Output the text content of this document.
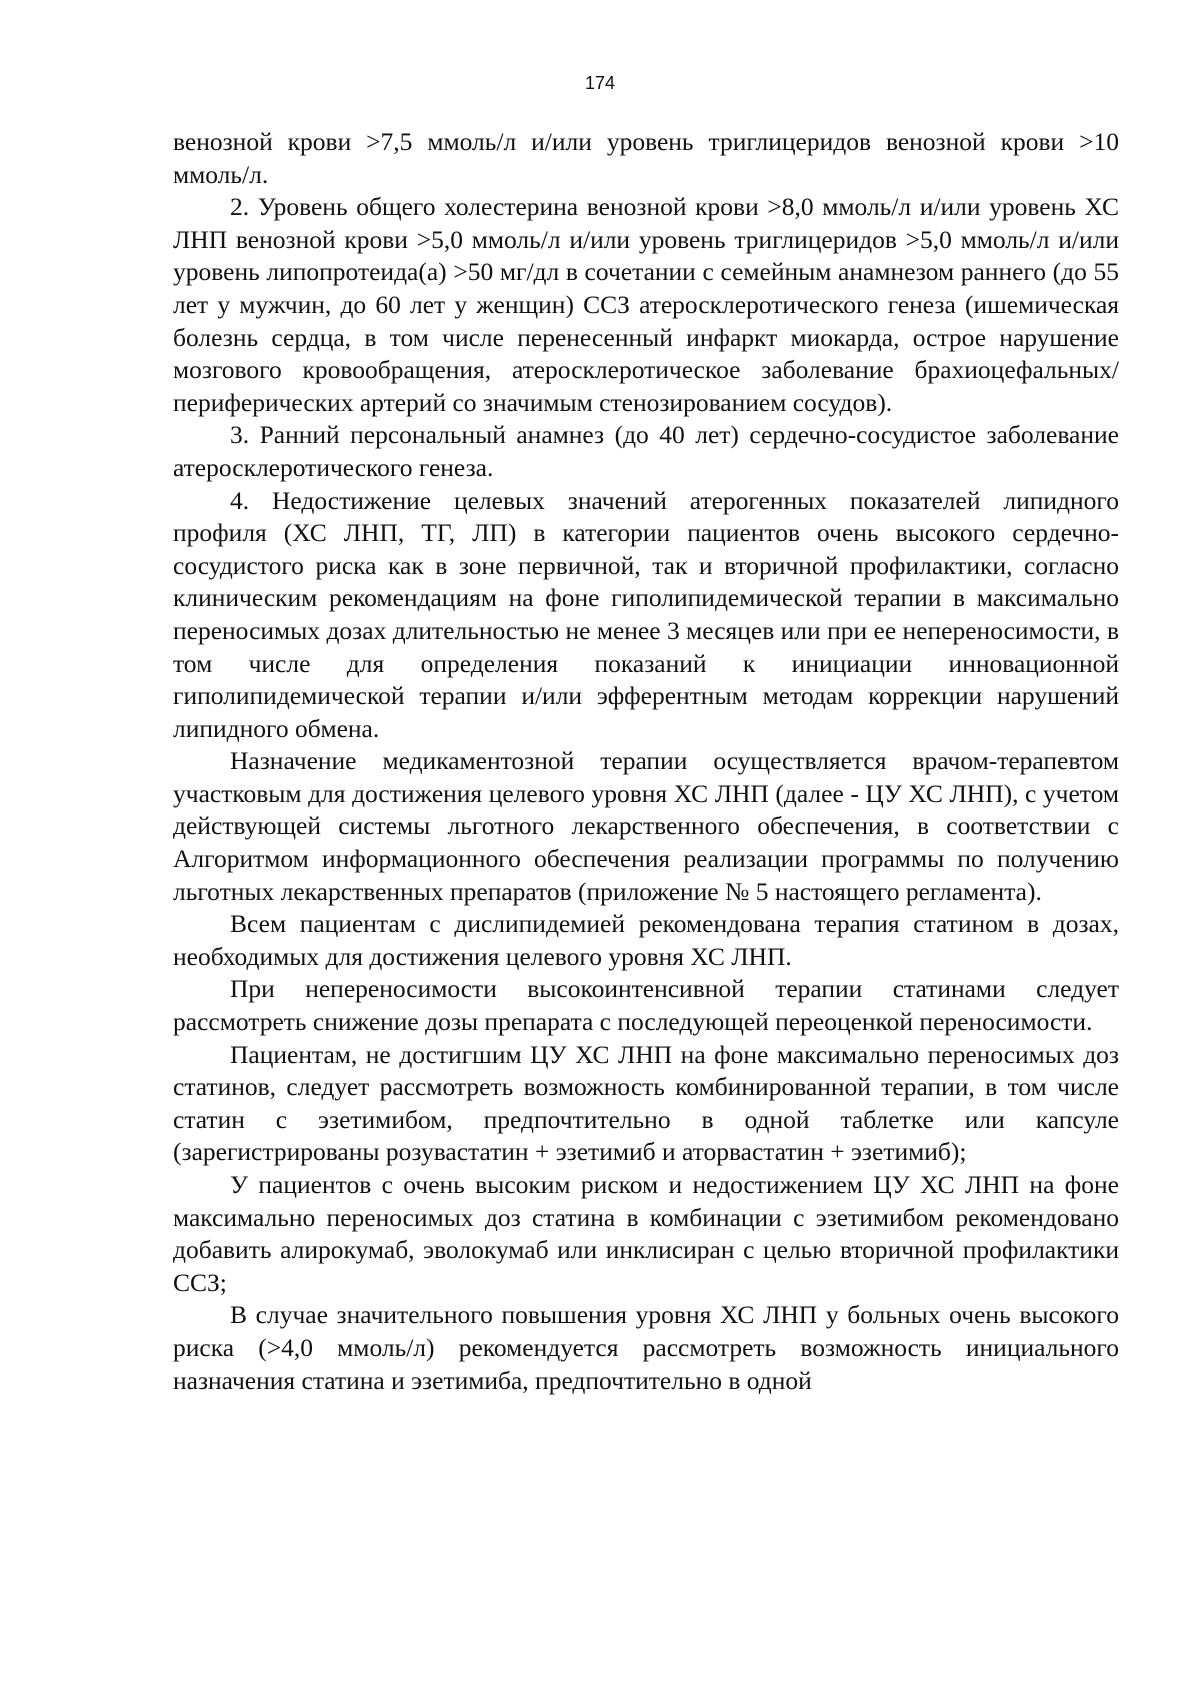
174

венозной крови >7,5 ммоль/л и/или уровень триглицеридов венозной крови >10 ммоль/л.

2. Уровень общего холестерина венозной крови >8,0 ммоль/л и/или уровень ХС ЛНП венозной крови >5,0 ммоль/л и/или уровень триглицеридов >5,0 ммоль/л и/или уровень липопротеида(а) >50 мг/дл в сочетании с семейным анамнезом раннего (до 55 лет у мужчин, до 60 лет у женщин) ССЗ атеросклеротического генеза (ишемическая болезнь сердца, в том числе перенесенный инфаркт миокарда, острое нарушение мозгового кровообращения, атеросклеротическое заболевание брахиоцефальных/ периферических артерий со значимым стенозированием сосудов).

3. Ранний персональный анамнез (до 40 лет) сердечно-сосудистое заболевание атеросклеротического генеза.

4. Недостижение целевых значений атерогенных показателей липидного профиля (ХС ЛНП, ТГ, ЛП) в категории пациентов очень высокого сердечно-сосудистого риска как в зоне первичной, так и вторичной профилактики, согласно клиническим рекомендациям на фоне гиполипидемической терапии в максимально переносимых дозах длительностью не менее 3 месяцев или при ее непереносимости, в том числе для определения показаний к инициации инновационной гиполипидемической терапии и/или эфферентным методам коррекции нарушений липидного обмена.

Назначение медикаментозной терапии осуществляется врачом-терапевтом участковым для достижения целевого уровня ХС ЛНП (далее - ЦУ ХС ЛНП), с учетом действующей системы льготного лекарственного обеспечения, в соответствии с Алгоритмом информационного обеспечения реализации программы по получению льготных лекарственных препаратов (приложение № 5 настоящего регламента).

Всем пациентам с дислипидемией рекомендована терапия статином в дозах, необходимых для достижения целевого уровня ХС ЛНП.

При непереносимости высокоинтенсивной терапии статинами следует рассмотреть снижение дозы препарата с последующей переоценкой переносимости.

Пациентам, не достигшим ЦУ ХС ЛНП на фоне максимально переносимых доз статинов, следует рассмотреть возможность комбинированной терапии, в том числе статин с эзетимибом, предпочтительно в одной таблетке или капсуле (зарегистрированы розувастатин + эзетимиб и аторвастатин + эзетимиб);

У пациентов с очень высоким риском и недостижением ЦУ ХС ЛНП на фоне максимально переносимых доз статина в комбинации с эзетимибом рекомендовано добавить алирокумаб, эволокумаб или инклисиран с целью вторичной профилактики ССЗ;

В случае значительного повышения уровня ХС ЛНП у больных очень высокого риска (>4,0 ммоль/л) рекомендуется рассмотреть возможность инициального назначения статина и эзетимиба, предпочтительно в одной
